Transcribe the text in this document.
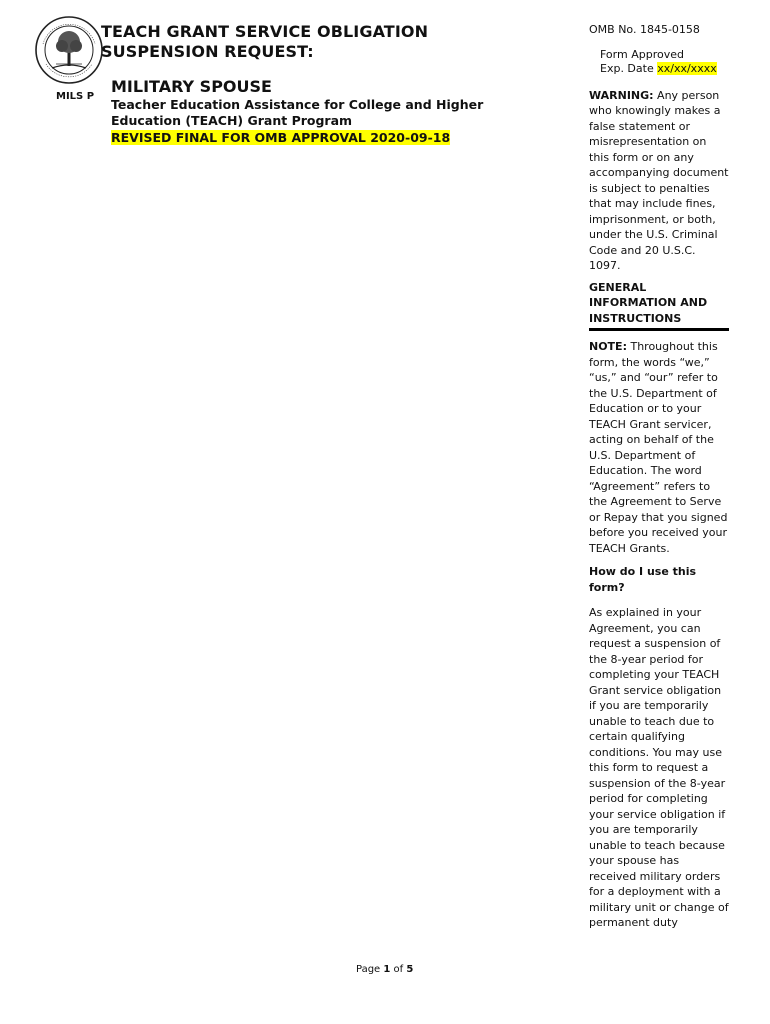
MILS P
TEACH GRANT SERVICE OBLIGATION SUSPENSION REQUEST:
MILITARY SPOUSE
Teacher Education Assistance for College and Higher Education (TEACH) Grant Program
REVISED FINAL FOR OMB APPROVAL 2020-09-18
OMB No. 1845-0158
Form Approved
Exp. Date xx/xx/xxxx

WARNING: Any person who knowingly makes a false statement or misrepresentation on this form or on any accompanying document is subject to penalties that may include fines, imprisonment, or both, under the U.S. Criminal Code and 20 U.S.C. 1097.

GENERAL INFORMATION AND INSTRUCTIONS

NOTE: Throughout this form, the words “we,” “us,” and “our” refer to the U.S. Department of Education or to your TEACH Grant servicer, acting on behalf of the U.S. Department of Education. The word “Agreement” refers to the Agreement to Serve or Repay that you signed before you received your TEACH Grants.

How do I use this form?

As explained in your Agreement, you can request a suspension of the 8-year period for completing your TEACH Grant service obligation if you are temporarily unable to teach due to certain qualifying conditions. You may use this form to request a suspension of the 8-year period for completing your service obligation if you are temporarily unable to teach because your spouse has received military orders for a deployment with a military unit or change of permanent duty

Page 1 of 5
